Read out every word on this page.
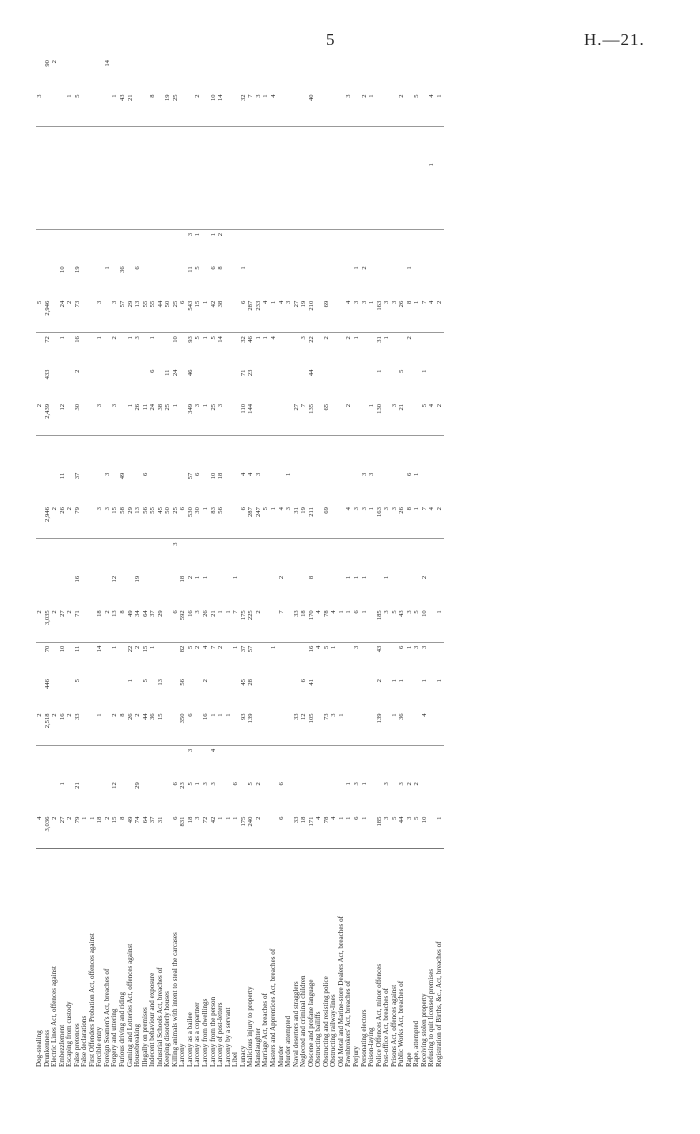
5	H.—21.
Dog-stealing
4
2
2
2
5
3
Drunkenness
3,036
2,518
446
70
3,035
2,946
2,439
433
72
2,946
90
Electric Lines Act, offences against
2
2
2
2
2
Embezzlement
27
1
16
10
27
26
11
12
1
24
10
Escaping from custody
2
2
2
2
2
1
False pretences
79
21
33
5
11
71
16
79
37
30
2
16
73
19
5
False declarations
1
First Offenders Probation Act, offences against
1
Forcible entry
18
1
14
18
3
3
1
3
Foreign Seamen's Act, breaches of
2
2
3
3
1
14
Forgery and uttering
15
12
2
1
13
12
15
3
2
3
1
Furious driving and riding
8
8
8
58
49
57
36
43
Gaming and Lotteries Act, offences against
49
26
1
22
49
29
1
1
29
21
Housebreaking
74
29
2
2
34
19
13
26
3
13
6
Illegally on premises
64
44
5
15
64
56
6
11
55
Indecent behaviour and exposure
37
36
1
37
55
24
6
1
55
8
Industrial Schools Act, breaches of
31
15
13
29
45
38
44
Keeping disorderly houses
50
25
11
50
19
Killing animals with intent to steal the carcases
6
6
6
3
25
1
24
10
25
25
Larceny
831
23
350
56
82
592
18
6
6
Larceny as a bailee
18
5
3
6
5
16
2
530
57
349
46
93
543
11
3
Larceny as a copartner
3
1
2
3
1
30
6
3
5
15
5
1
2
Larceny from dwellings
72
3
16
2
4
26
1
1
1
1
1
Larceny from the person
42
3
4
1
7
21
83
10
25
5
42
6
1
10
Larceny of post-letters
1
1
2
1
56
18
3
14
38
8
2
14
Larceny by a servant
1
1
1
Libel
1
6
1
7
1
Lunacy
175
93
45
37
175
6
4
110
71
32
6
1
32
Malicious injury to property
240
5
139
28
57
225
287
4
144
23
46
287
7
Manslaughter
2
2
2
247
3
1
233
3
Marriage Act, breaches of
5
1
4
1
Masters and Apprentices Act, breaches of
1
1
4
1
4
Murder
6
6
7
2
4
4
Murder attempted
3
1
3
Naval deserters and stragglers
33
33
33
31
27
27
Neglected and criminal children
18
12
6
18
19
7
3
19
Obscene and profane language
171
105
41
16
170
8
211
135
44
22
210
40
Obstructing bailiffs
4
4
4
Obstructing and resisting police
78
73
5
78
69
65
2
69
Obstructing railway-lines
4
3
1
4
Old Metal and Marine-store Dealers Act, breaches of
1
1
1
Pawnbrokers' Act, breaches of
1
1
1
1
4
2
2
4
3
Perjury
6
3
3
6
1
3
1
3
1
Personating electors
1
1
1
1
3
3
3
2
2
Poison-laying
1
3
1
1
1
Police Offences Act, minor offences
185
139
2
43
185
163
130
1
31
163
Post-office Act, breaches of
3
3
3
1
3
1
3
Prisons Act, offences against
5
1
1
5
3
3
3
Public Works Act, breaches of
44
3
36
1
6
43
26
21
5
26
2
Rape
3
2
1
3
8
6
2
8
1
Rape, attempted
5
2
3
5
1
1
1
5
Receiving stolen property
10
4
1
3
10
2
7
5
1
7
Refusing to quit licensed premises
4
4
4
1
4
Registration of Births, &c., Act, breaches of
1
1
1
2
2
2
1
